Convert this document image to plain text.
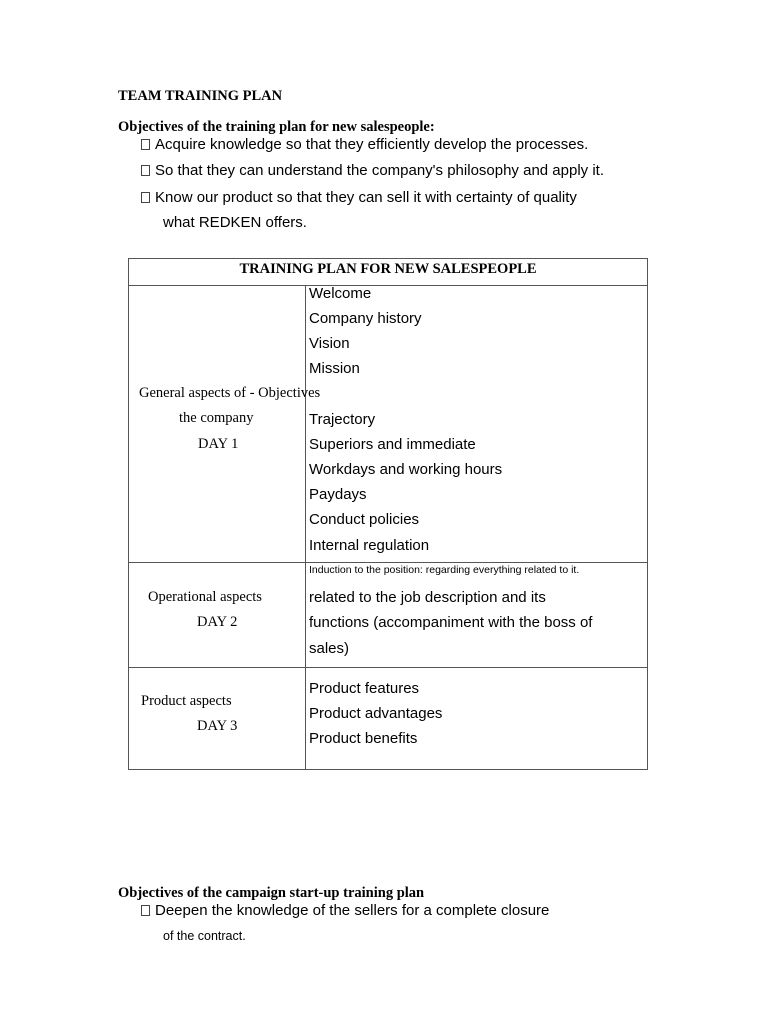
TEAM TRAINING PLAN
Objectives of the training plan for new salespeople:
Acquire knowledge so that they efficiently develop the processes.
So that they can understand the company's philosophy and apply it.
Know our product so that they can sell it with certainty of quality
what REDKEN offers.
TRAINING PLAN FOR NEW SALESPEOPLE
General aspects of - Objectives
the company
DAY 1
Welcome
Company history
Vision
Mission
Trajectory
Superiors and immediate
Workdays and working hours
Paydays
Conduct policies
Internal regulation
Operational aspects
DAY 2
Induction to the position: regarding everything related to it.
related to the job description and its
functions (accompaniment with the boss of
sales)
Product aspects
DAY 3
Product features
Product advantages
Product benefits
Objectives of the campaign start-up training plan
Deepen the knowledge of the sellers for a complete closure
of the contract.
